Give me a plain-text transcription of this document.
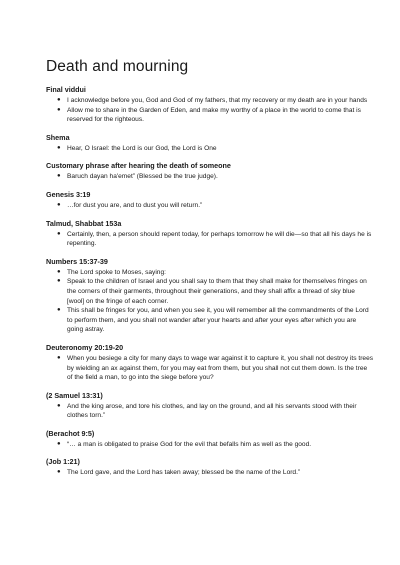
Death and mourning
Final viddui
● I acknowledge before you, God and God of my fathers, that my recovery or my death are in your hands
● Allow me to share in the Garden of Eden, and make my worthy of a place in the world to come that is reserved for the righteous.
Shema
● Hear, O Israel: the Lord is our God, the Lord is One
Customary phrase after hearing the death of someone
● Baruch dayan ha'emet” (Blessed be the true judge).
Genesis 3:19
● …for dust you are, and to dust you will return.”
Talmud, Shabbat 153a
● Certainly, then, a person should repent today, for perhaps tomorrow he will die—so that all his days he is repenting.
Numbers 15:37-39
● The Lord spoke to Moses, saying:
● Speak to the children of Israel and you shall say to them that they shall make for themselves fringes on the corners of their garments, throughout their generations, and they shall affix a thread of sky blue [wool] on the fringe of each corner.
● This shall be fringes for you, and when you see it, you will remember all the commandments of the Lord to perform them, and you shall not wander after your hearts and after your eyes after which you are going astray.
Deuteronomy 20:19-20
● When you besiege a city for many days to wage war against it to capture it, you shall not destroy its trees by wielding an ax against them, for you may eat from them, but you shall not cut them down. Is the tree of the field a man, to go into the siege before you?
(2 Samuel 13:31)
● And the king arose, and tore his clothes, and lay on the ground, and all his servants stood with their clothes torn.”
(Berachot 9:5)
● “… a man is obligated to praise God for the evil that befalls him as well as the good.
(Job 1:21)
● The Lord gave, and the Lord has taken away; blessed be the name of the Lord.”
